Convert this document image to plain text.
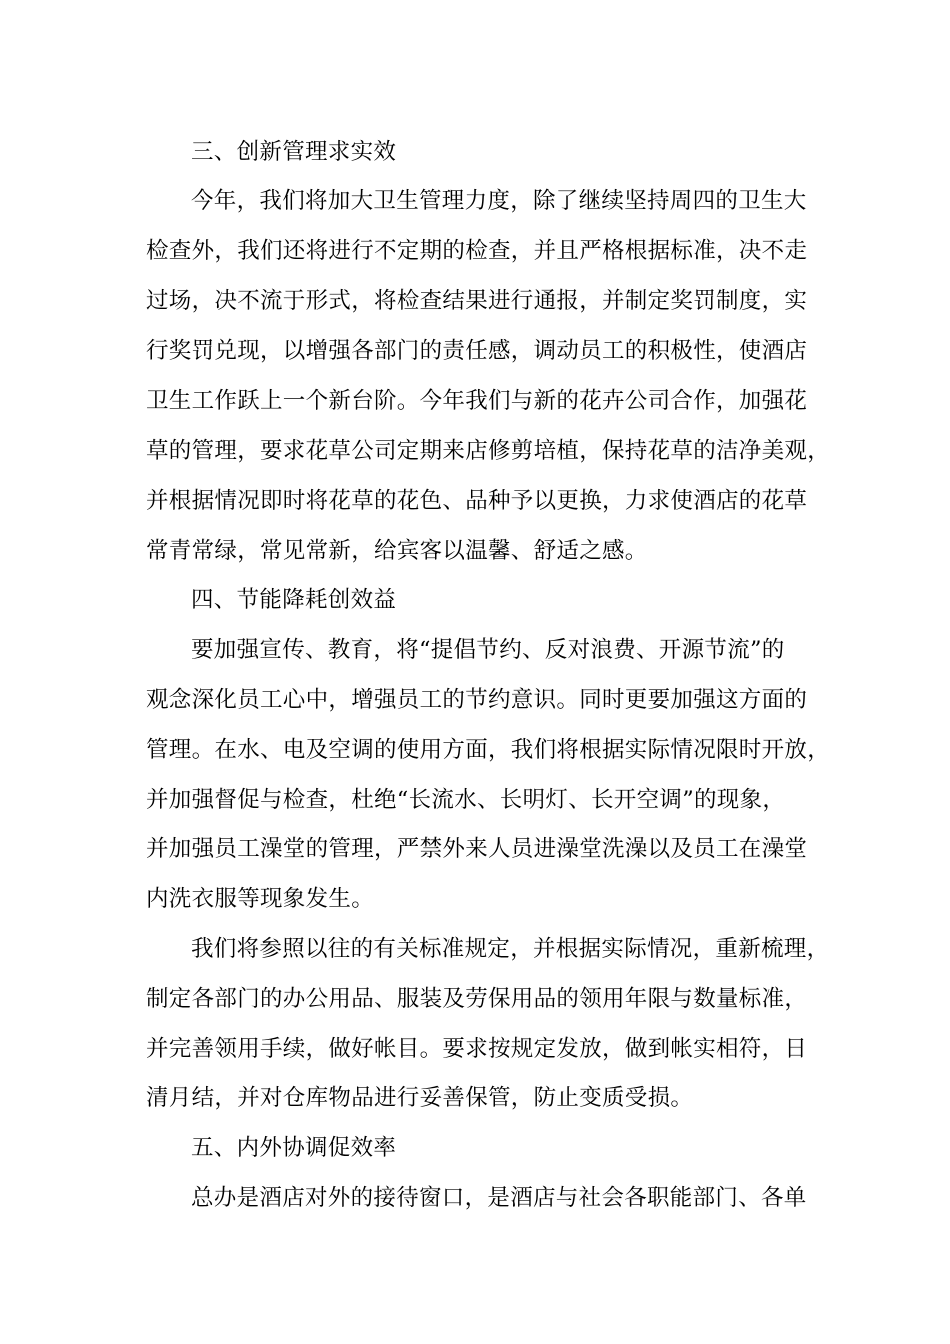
三、创新管理求实效
今年，我们将加大卫生管理力度，除了继续坚持周四的卫生大
检查外，我们还将进行不定期的检查，并且严格根据标准，决不走
过场，决不流于形式，将检查结果进行通报，并制定奖罚制度，实
行奖罚兑现，以增强各部门的责任感，调动员工的积极性，使酒店
卫生工作跃上一个新台阶。今年我们与新的花卉公司合作，加强花
草的管理，要求花草公司定期来店修剪培植，保持花草的洁净美观，
并根据情况即时将花草的花色、品种予以更换，力求使酒店的花草
常青常绿，常见常新，给宾客以温馨、舒适之感。
四、节能降耗创效益
要加强宣传、教育，将“提倡节约、反对浪费、开源节流”的
观念深化员工心中，增强员工的节约意识。同时更要加强这方面的
管理。在水、电及空调的使用方面，我们将根据实际情况限时开放，
并加强督促与检查，杜绝“长流水、长明灯、长开空调”的现象，
并加强员工澡堂的管理，严禁外来人员进澡堂洗澡以及员工在澡堂
内洗衣服等现象发生。
我们将参照以往的有关标准规定，并根据实际情况，重新梳理，
制定各部门的办公用品、服装及劳保用品的领用年限与数量标准，
并完善领用手续，做好帐目。要求按规定发放，做到帐实相符，日
清月结，并对仓库物品进行妥善保管，防止变质受损。
五、内外协调促效率
总办是酒店对外的接待窗口，是酒店与社会各职能部门、各单
